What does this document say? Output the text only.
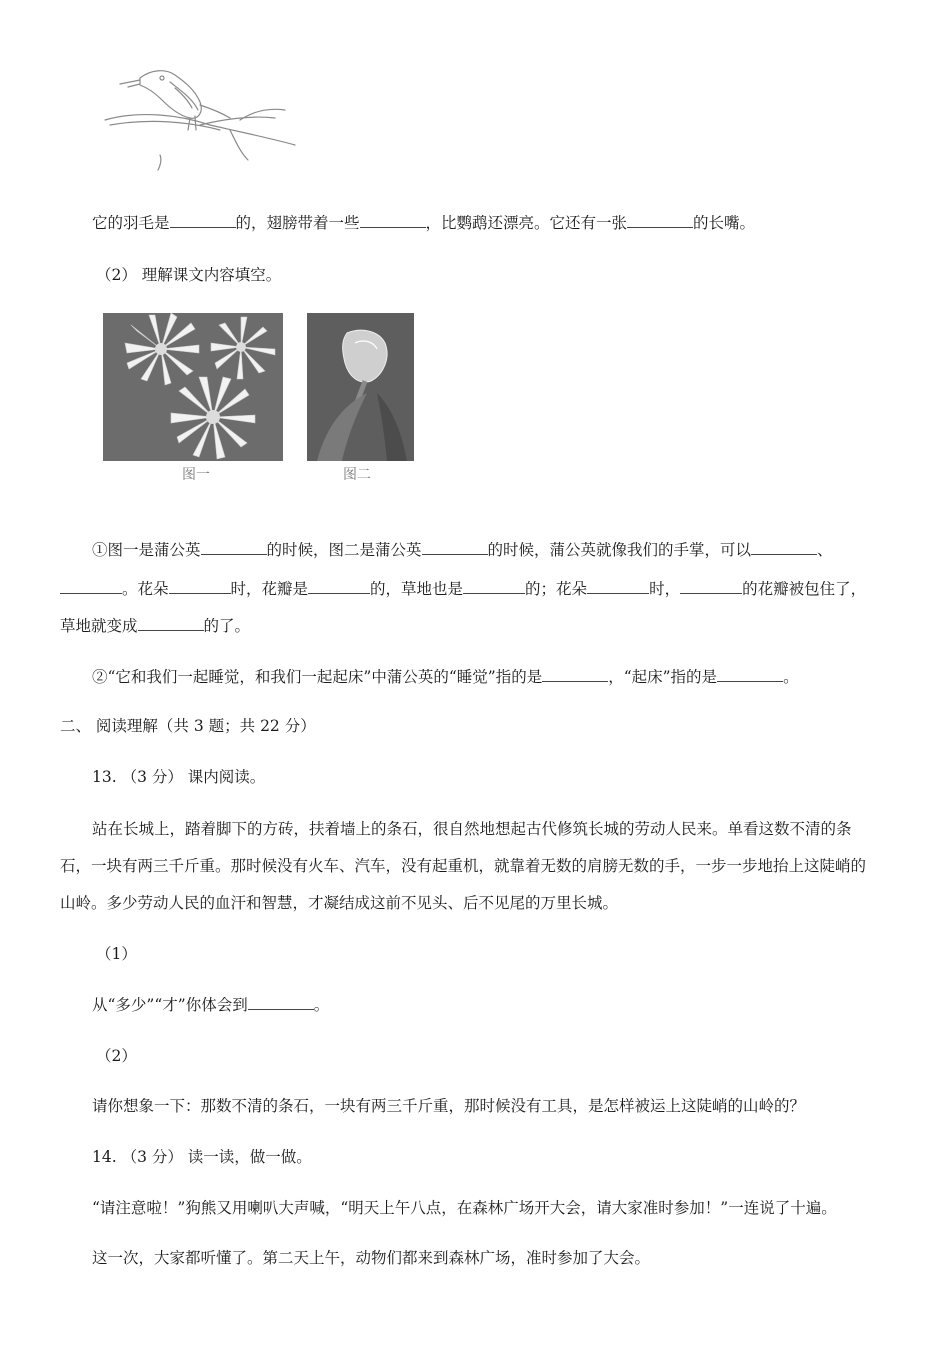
它的羽毛是	的，翅膀带着一些	，比鹦鹉还漂亮。它还有一张	的长嘴。
（2） 理解课文内容填空。
图一	图二
①图一是蒲公英	的时候，图二是蒲公英	的时候，蒲公英就像我们的手掌，可以	、
。花朵	时，花瓣是	的，草地也是	的；花朵	时，	的花瓣被包住了，
草地就变成	的了。
②“它和我们一起睡觉，和我们一起起床”中蒲公英的“睡觉”指的是	，“起床”指的是	。
二、 阅读理解（共 3 题；共 22 分）
13. （3 分） 课内阅读。
站在长城上，踏着脚下的方砖，扶着墙上的条石，很自然地想起古代修筑长城的劳动人民来。单看这数不清的条
石，一块有两三千斤重。那时候没有火车、汽车，没有起重机，就靠着无数的肩膀无数的手，一步一步地抬上这陡峭的
山岭。多少劳动人民的血汗和智慧，才凝结成这前不见头、后不见尾的万里长城。
（1）
从“多少”“才”你体会到	。
（2）
请你想象一下：那数不清的条石，一块有两三千斤重，那时候没有工具，是怎样被运上这陡峭的山岭的？
14. （3 分） 读一读，做一做。
“请注意啦！”狗熊又用喇叭大声喊，“明天上午八点，在森林广场开大会，请大家准时参加！”一连说了十遍。
这一次，大家都听懂了。第二天上午，动物们都来到森林广场，准时参加了大会。
